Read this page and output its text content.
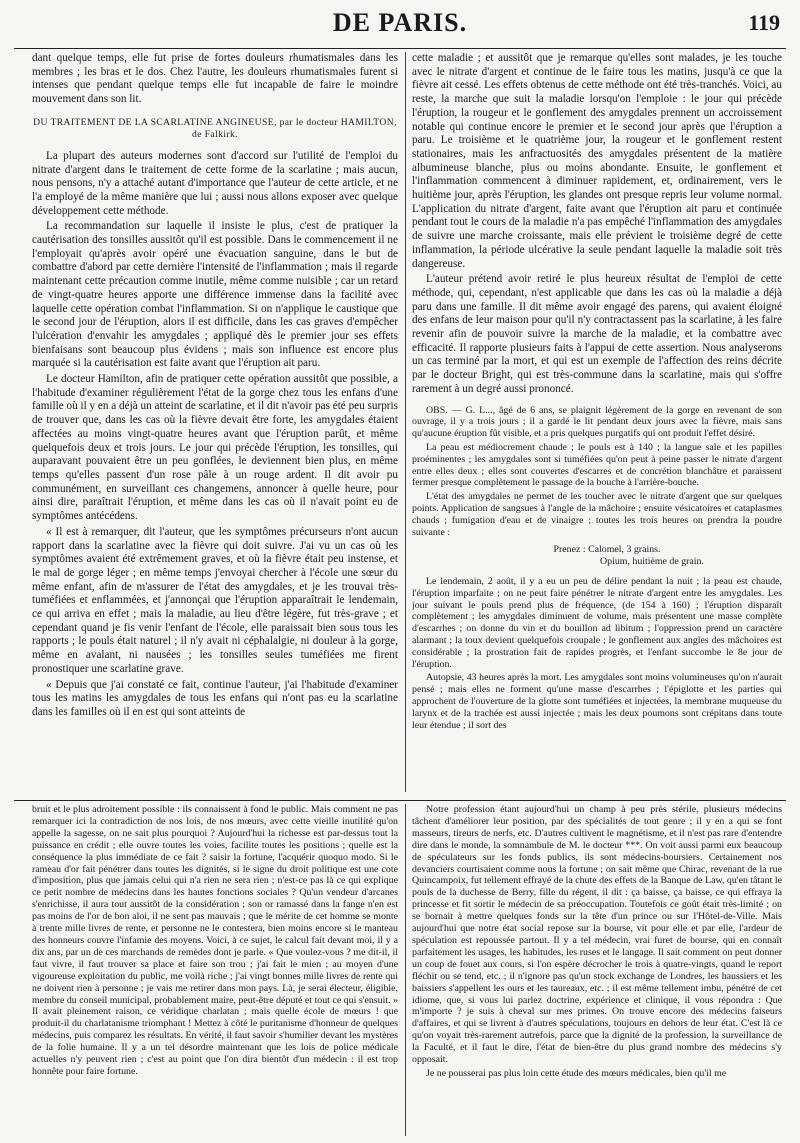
DE PARIS.	119

dant quelque temps, elle fut prise de fortes douleurs rhumatismales dans les membres ; les bras et le dos. Chez l'autre, les douleurs rhumatismales furent si intenses que pendant quelque temps elle fut incapable de faire le moindre mouvement dans son lit.

DU TRAITEMENT DE LA SCARLATINE ANGINEUSE, par le docteur HAMILTON, de Falkirk.

La plupart des auteurs modernes sont d'accord sur l'utilité de l'emploi du nitrate d'argent dans le traitement de cette forme de la scarlatine ; mais aucun, nous pensons, n'y a attaché autant d'importance que l'auteur de cette article, et ne l'a employé de la même manière que lui ; aussi nous allons exposer avec quelque développement cette méthode.

La recommandation sur laquelle il insiste le plus, c'est de pratiquer la cautérisation des tonsilles aussitôt qu'il est possible. Dans le commencement il ne l'employait qu'après avoir opéré une évacuation sanguine, dans le but de combattre d'abord par cette dernière l'intensité de l'inflammation ; mais il regarde maintenant cette précaution comme inutile, même comme nuisible ; car un retard de vingt-quatre heures apporte une différence immense dans la facilité avec laquelle cette opération combat l'inflammation. Si on n'applique le caustique que le second jour de l'éruption, alors il est difficile, dans les cas graves d'empêcher l'ulcération d'envahir les amygdales ; appliqué dès le premier jour ses effets bienfaisans sont beaucoup plus évidens ; mais son influence est encore plus marquée si la cautérisation est faite avant que l'éruption ait paru.

Le docteur Hamilton, afin de pratiquer cette opération aussitôt que possible, a l'habitude d'examiner régulièrement l'état de la gorge chez tous les enfans d'une famille où il y en a déjà un atteint de scarlatine, et il dit n'avoir pas été peu surpris de trouver que, dans les cas où la fièvre devait être forte, les amygdales étaient affectées au moins vingt-quatre heures avant que l'éruption parût, et même quelquefois deux et trois jours. Le jour qui précède l'éruption, les tonsilles, qui auparavant pouvaient être un peu gonflées, le deviennent bien plus, en même temps qu'elles passent d'un rose pâle à un rouge ardent. Il dit avoir pu communément, en surveillant ces changemens, annoncer à quelle heure, pour ainsi dire, paraîtrait l'éruption, et même dans les cas où il n'avait point eu de symptômes antécédens.

« Il est à remarquer, dit l'auteur, que les symptômes précurseurs n'ont aucun rapport dans la scarlatine avec la fièvre qui doit suivre. J'ai vu un cas où les symptômes avaient été extrêmement graves, et où la fièvre était peu instense, et le mal de gorge léger ; en même temps j'envoyai chercher à l'école une sœur du même enfant, afin de m'assurer de l'état des amygdales, et je les trouvai très-tuméfiées et enflammées, et j'annonçai que l'éruption apparaîtrait le lendemain, ce qui arriva en effet ; mais la maladie, au lieu d'être légère, fut très-grave ; et cependant quand je fis venir l'enfant de l'école, elle paraissait bien sous tous les rapports ; le pouls était naturel ; il n'y avait ni céphalalgie, ni douleur à la gorge, même en avalant, ni nausées ; les tonsilles seules tuméfiées me firent pronostiquer une scarlatine grave.

« Depuis que j'ai constaté ce fait, continue l'auteur, j'ai l'habitude d'examiner tous les matins les amygdales de tous les enfans qui n'ont pas eu la scarlatine dans les familles où il en est qui sont atteints de

cette maladie ; et aussitôt que je remarque qu'elles sont malades, je les touche avec le nitrate d'argent et continue de le faire tous les matins, jusqu'à ce que la fièvre ait cessé. Les effets obtenus de cette méthode ont été très-tranchés. Voici, au reste, la marche que suit la maladie lorsqu'on l'emploie : le jour qui précède l'éruption, la rougeur et le gonflement des amygdales prennent un accroissement notable qui continue encore le premier et le second jour après que l'éruption a paru. Le troisième et le quatrième jour, la rougeur et le gonflement restent stationaires, mais les anfractuosités des amygdales présentent de la matière albumineuse blanche, plus ou moins abondante. Ensuite, le gonflement et l'inflammation commencent à diminuer rapidement, et, ordinairement, vers le huitième jour, après l'éruption, les glandes ont presque repris leur volume normal. L'application du nitrate d'argent, faite avant que l'éruption ait paru et continuée pendant tout le cours de la maladie n'a pas empêché l'inflammation des amygdales de suivre une marche croissante, mais elle prévient le troisième degré de cette inflammation, la période ulcérative la seule pendant laquelle la maladie soit très dangereuse.

L'auteur prétend avoir retiré le plus heureux résultat de l'emploi de cette méthode, qui, cependant, n'est applicable que dans les cas où la maladie a déjà paru dans une famille. Il dit même avoir engagé des parens, qui avaient éloigné des enfans de leur maison pour qu'il n'y contractassent pas la scarlatine, à les faire revenir afin de pouvoir suivre la marche de la maladie, et la combattre avec efficacité. Il rapporte plusieurs faits à l'appui de cette assertion. Nous analyserons un cas terminé par la mort, et qui est un exemple de l'affection des reins décrite par le docteur Bright, qui est très-commune dans la scarlatine, mais qui s'offre rarement à un degré aussi prononcé.

OBS. — G. L..., âgé de 6 ans, se plaignit légèrement de la gorge en revenant de son ouvrage, il y a trois jours ; il a gardé le lit pendant deux jours avec la fièvre, mais sans qu'aucune éruption fût visible, et a pris quelques purgatifs qui ont produit l'effet désiré.

La peau est médiocrement chaude ; le pouls est à 140 ; la langue sale et les papilles proéminentes ; les amygdales sont si tuméfiées qu'on peut à peine passer le nitrate d'argent entre elles deux ; elles sont couvertes d'escarres et de concrétion blanchâtre et paraissent fermer presque complètement le passage de la bouche à l'arrière-bouche.

L'état des amygdales ne permet de les toucher avec le nitrate d'argent que sur quelques points. Application de sangsues à l'angle de la mâchoire ; ensuite vésicatoires et cataplasmes chauds ; fumigation d'eau et de vinaigre ; toutes les trois heures on prendra la poudre suivante :

Prenez : Calomel, 3 grains.
Opium, huitième de grain.

Le lendemain, 2 août, il y a eu un peu de délire pendant la nuit ; la peau est chaude, l'éruption imparfaite ; on ne peut faire pénétrer le nitrate d'argent entre les amygdales. Les jour suivant le pouls prend plus de fréquence, (de 154 à 160) ; l'éruption disparaît complètement ; les amygdales diminuent de volume, mais présentent une masse complète d'escarrhes ; on donne du vin et du bouillon ad libitum ; l'oppression prend un caractère alarmant ; la toux devient quelquefois croupale ; le gonflement aux angles des mâchoires est considérable ; la prostration fait de rapides progrès, et l'enfant succombe le 8e jour de l'éruption.

Autopsie, 43 heures après la mort. Les amygdales sont moins volumineuses qu'on n'aurait pensé ; mais elles ne forment qu'une masse d'escarrhes ; l'épiglotte et les parties qui approchent de l'ouverture de la glotte sont tuméfiées et injectées, la membrane muqueuse du larynx et de la trachée est aussi injectée ; mais les deux poumons sont crépitans dans toute leur étendue ; il sort des

bruit et le plus adroitement possible : ils connaissent à fond le public. Mais comment ne pas remarquer ici la contradiction de nos lois, de nos mœurs, avec cette vieille inutilité qu'on appelle la sagesse, on ne sait plus pourquoi ? Aujourd'hui la richesse est par-dessus tout la puissance en crédit ; elle ouvre toutes les voies, facilite toutes les positions ; quelle est la conséquence la plus immédiate de ce fait ? saisir la fortune, l'acquérir quoquo modo. Si le rameau d'or fait pénétrer dans toutes les dignités, si le signe du droit politique est une cote d'imposition, plus que jamais celui qui n'a rien ne sera rien ; n'est-ce pas là ce qui explique ce petit nombre de médecins dans les hautes fonctions sociales ? Qu'un vendeur d'arcanes s'enrichisse, il aura tout aussitôt de la considération ; son or ramassé dans la fange n'en est pas moins de l'or de bon aloi, il ne sent pas mauvais ; que le mérite de cet homme se monte à trente mille livres de rente, et personne ne le contestera, bien moins encore si le manteau des honneurs couvre l'infamie des moyens. Voici, à ce sujet, le calcul fait devant moi, il y a dix ans, par un de ces marchands de remèdes dont je parle. « Que voulez-vous ? me dit-il, il faut vivre, il faut trouver sa place et faire son trou ; j'ai fait le mien ; au moyen d'une vigoureuse exploitation du public, me voilà riche ; j'ai vingt bonnes mille livres de rente qui ne doivent rien à personne ; je vais me retirer dans mon pays. Là, je serai électeur, éligible, membre du conseil municipal, probablement maire, peut-être député et tout ce qui s'ensuit. » Il avait pleinement raison, ce véridique charlatan ; mais quelle école de mœurs ! que produit-il du charlatanisme triomphant ! Mettez à côté le puritanisme d'honneur de quelques médecins, puis comparez les résultats. En vérité, il faut savoir s'humilier devant les mystères de la folie humaine. Il y a un tel désordre maintenant que les lois de police médicale actuelles n'y peuvent rien ; c'est au point que l'on dira bientôt d'un médecin : il est trop honnête pour faire fortune.

Notre profession étant aujourd'hui un champ à peu près stérile, plusieurs médecins tâchent d'améliorer leur position, par des spécialités de tout genre ; il y en a qui se font masseurs, tireurs de nerfs, etc. D'autres cultivent le magnétisme, et il n'est pas rare d'entendre dire dans le monde, la somnambule de M. le docteur ***. On voit aussi parmi eux beaucoup de spéculateurs sur les fonds publics, ils sont médecins-boursiers. Certainement nos devanciers courtisaient comme nous la fortune ; on sait même que Chirac, revenant de la rue Quincampoix, fut tellement effrayé de la chute des effets de la Banque de Law, qu'en tâtant le pouls de la duchesse de Berry, fille du régent, il dit : ça baisse, ça baisse, ce qui effraya la princesse et fit sortir le médecin de sa préoccupation. Toutefois ce goût était très-limité ; on se bornait à mettre quelques fonds sur la tête d'un prince ou sur l'Hôtel-de-Ville. Mais aujourd'hui que notre état social repose sur la bourse, vit pour elle et par elle, l'ardeur de spéculation est repoussée partout. Il y a tel médecin, vrai furet de bourse, qui en connaît parfaitement les usages, les habitudes, les ruses et le langage. Il sait comment on peut donner un coup de fouet aux cours, si l'on espère décrocher le trois à quatre-vingts, quand le report fléchit ou se tend, etc. ; il n'ignore pas qu'un stock exchange de Londres, les haussiers et les baissiers s'appellent les ours et les taureaux, etc. ; il est même tellement imbu, pénétré de cet idiome, que, si vous lui parlez doctrine, expérience et clinique, il vous répondra : Que m'importe ? je suis à cheval sur mes primes. On trouve encore des médecins faiseurs d'affaires, et qui se livrent à d'autres spéculations, toujours en dehors de leur état. C'est là ce qu'on voyait très-rarement autrefois, parce que la dignité de la profession, la surveillance de la Faculté, et il faut le dire, l'état de bien-être du plus grand nombre des médecins s'y opposait.

Je ne pousserai pas plus loin cette étude des mœurs médicales, bien qu'il me
